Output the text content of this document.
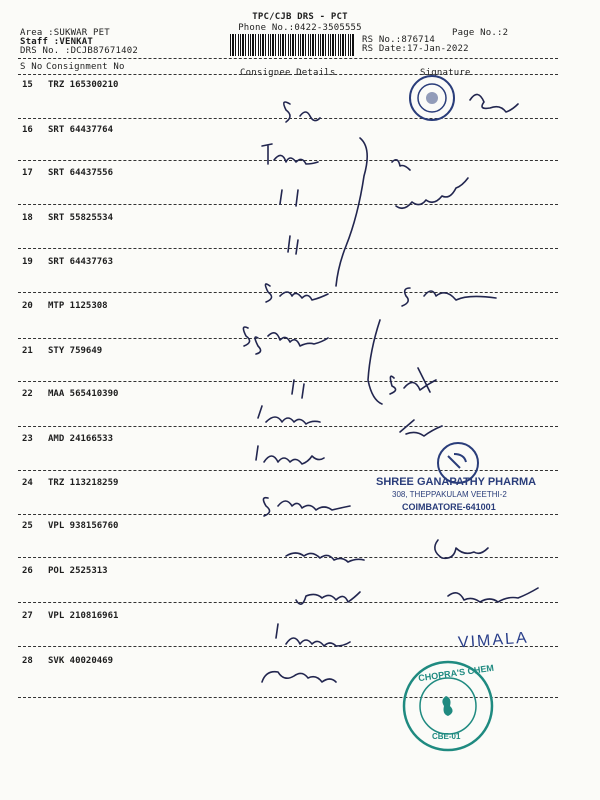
TPC/CJB DRS - PCT
Phone No.:0422-3505555	Page No.:2
Area :SUKWAR PET
Staff :VENKAT
DRS No. :DCJB87671402
RS No.:876714
RS Date:17-Jan-2022
S No Consignment No
Consignee Details	Signature
15 TRZ 165300210
16 SRT 64437764
17 SRT 64437556
18 SRT 55825534
19 SRT 64437763
20 MTP 1125308
21 STY 759649
22 MAA 565410390
23 AMD 24166533
24 TRZ 113218259
25 VPL 938156760
26 POL 2525313
27 VPL 210816961
28 SVK 40020469
SHREE GANAPATHY PHARMA
308, THEPPAKULAM VEETHI-2
COIMBATORE-641001
VIMALA
CHOPRA'S CHEM
CBE-01
